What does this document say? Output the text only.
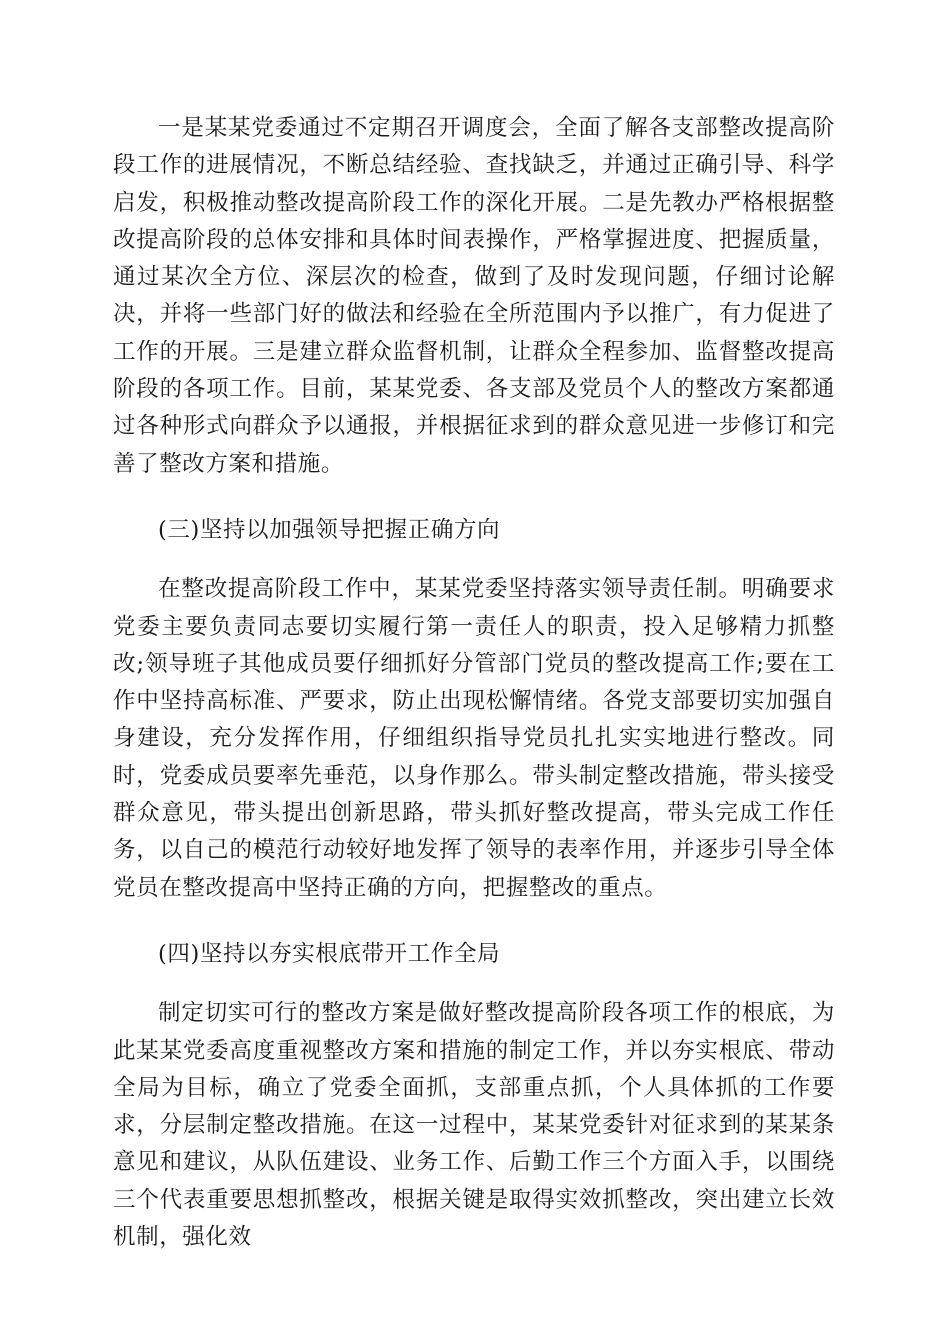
一是某某党委通过不定期召开调度会，全面了解各支部整改提高阶段工作的进展情况，不断总结经验、查找缺乏，并通过正确引导、科学启发，积极推动整改提高阶段工作的深化开展。二是先教办严格根据整改提高阶段的总体安排和具体时间表操作，严格掌握进度、把握质量，通过某次全方位、深层次的检查，做到了及时发现问题，仔细讨论解决，并将一些部门好的做法和经验在全所范围内予以推广，有力促进了工作的开展。三是建立群众监督机制，让群众全程参加、监督整改提高阶段的各项工作。目前，某某党委、各支部及党员个人的整改方案都通过各种形式向群众予以通报，并根据征求到的群众意见进一步修订和完善了整改方案和措施。

(三)坚持以加强领导把握正确方向

在整改提高阶段工作中，某某党委坚持落实领导责任制。明确要求党委主要负责同志要切实履行第一责任人的职责，投入足够精力抓整改;领导班子其他成员要仔细抓好分管部门党员的整改提高工作;要在工作中坚持高标准、严要求，防止出现松懈情绪。各党支部要切实加强自身建设，充分发挥作用，仔细组织指导党员扎扎实实地进行整改。同时，党委成员要率先垂范，以身作那么。带头制定整改措施，带头接受群众意见，带头提出创新思路，带头抓好整改提高，带头完成工作任务，以自己的模范行动较好地发挥了领导的表率作用，并逐步引导全体党员在整改提高中坚持正确的方向，把握整改的重点。

(四)坚持以夯实根底带开工作全局

制定切实可行的整改方案是做好整改提高阶段各项工作的根底，为此某某党委高度重视整改方案和措施的制定工作，并以夯实根底、带动全局为目标，确立了党委全面抓，支部重点抓，个人具体抓的工作要求，分层制定整改措施。在这一过程中，某某党委针对征求到的某某条意见和建议，从队伍建设、业务工作、后勤工作三个方面入手，以围绕三个代表重要思想抓整改，根据关键是取得实效抓整改，突出建立长效机制，强化效
